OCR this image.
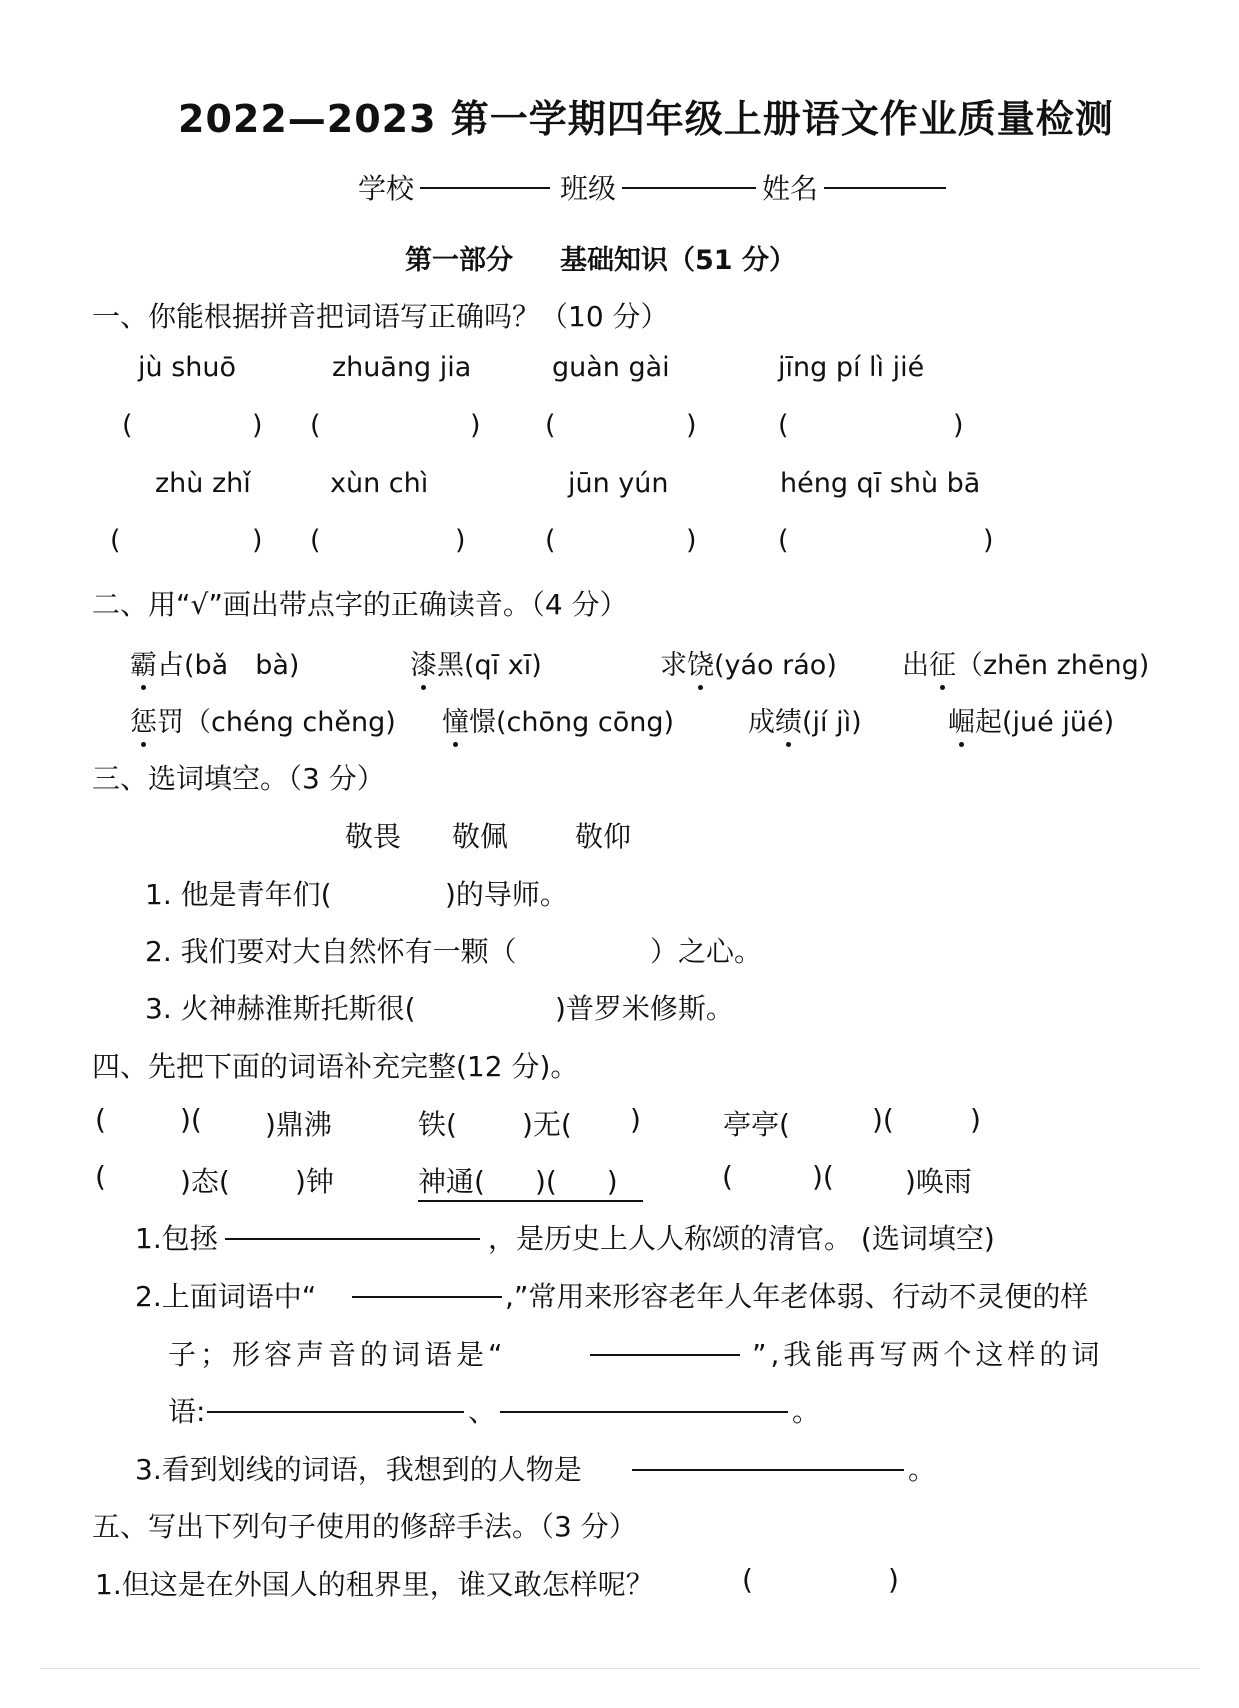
2022—2023 第一学期四年级上册语文作业质量检测
学校	班级	姓名
第一部分 基础知识（51 分）
一、你能根据拼音把词语写正确吗？（10 分）
jù shuō	zhuāng jia	guàn gài	jīng pí lì jié
(	) (	) (	)	(	)
zhù zhǐ	xùn chì	jūn yún	héng qī shù bā
(	) (	)	(	)	(	)
二、用“√”画出带点字的正确读音。（4 分）
霸占(bǎ　bà)	漆黑(qī xī)	求饶(yáo ráo) 出征（zhēn zhēng)
惩罚（chéng chěng) 憧憬(chōng cōng)	成绩(jí jì)	崛起(jué jüé)
三、选词填空。（3 分）
敬畏 敬佩 敬仰
1. 他是青年们(	)的导师。
2. 我们要对大自然怀有一颗（	）之心。
3. 火神赫淮斯托斯很(	)普罗米修斯。
四、先把下面的词语补充完整(12 分)。
(	)( )鼎沸	铁( )无( )	亭亭(	)(	)
(	)态( )钟	神通( )( )	(	)(	)唤雨
1.包拯	，是历史上人人称颂的清官。 (选词填空)
2.上面词语中“	,”常用来形容老年人年老体弱、行动不灵便的样
子；形容声音的词语是“	”,我能再写两个这样的词
语:	、	。
3.看到划线的词语，我想到的人物是	。
五、写出下列句子使用的修辞手法。（3 分）
1.但这是在外国人的租界里，谁又敢怎样呢？	(	)
